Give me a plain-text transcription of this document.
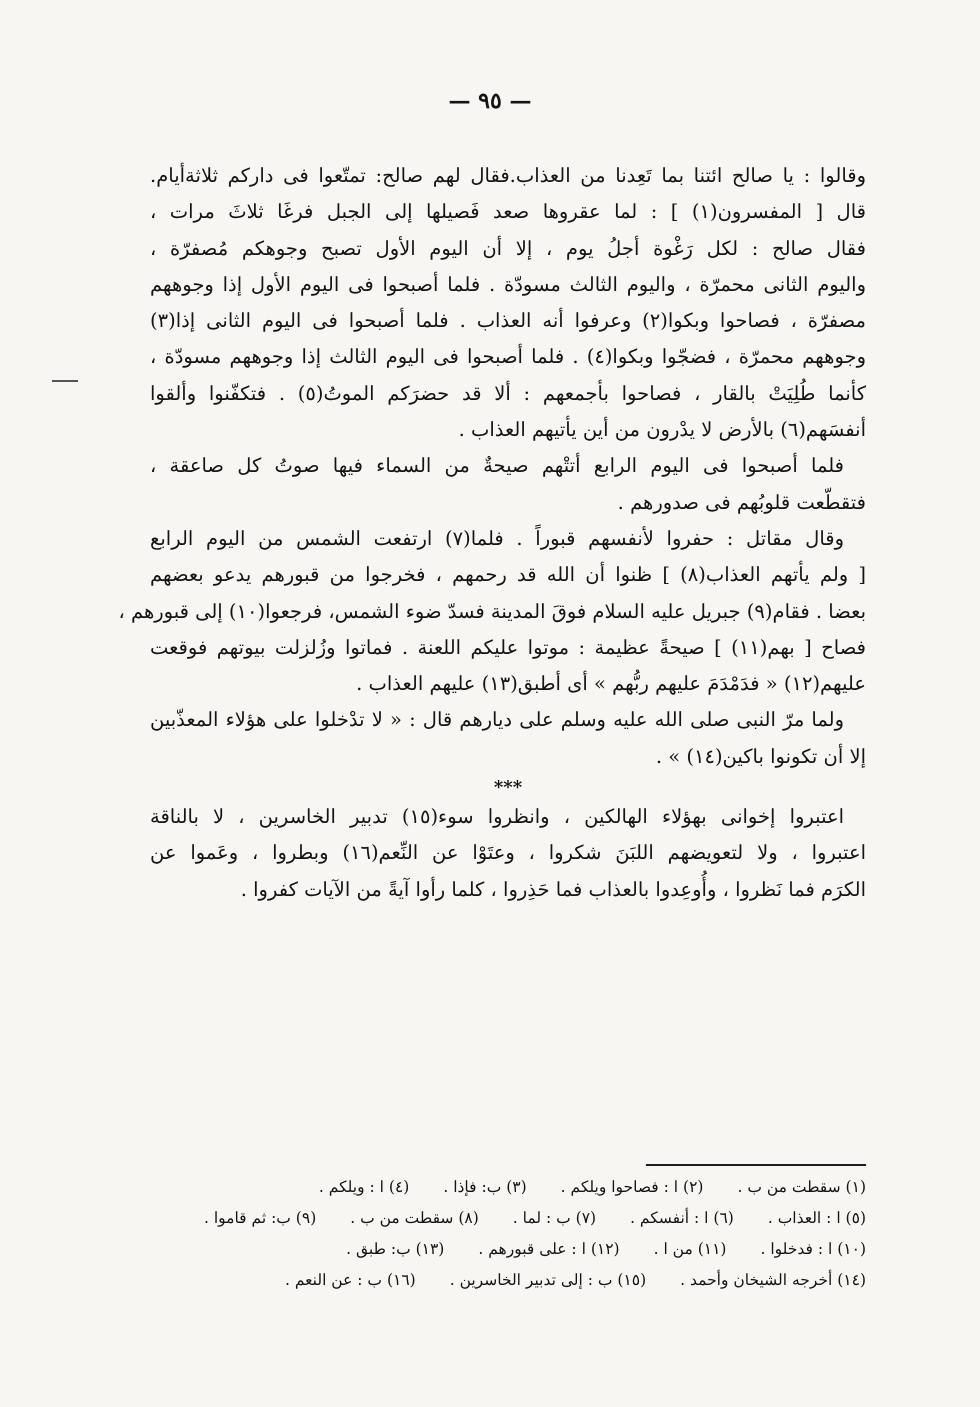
— ٩٥ —

وقالوا : يا صالح ائتنا بما تَعِدنا من العذاب.فقال لهم صالح: تمتّعوا فى داركم ثلاثةأيام.
قال [ المفسرون(١) ] : لما عقروها صعد فَصيلها إلى الجبل فرغَا ثلاثَ مرات ،
فقال صالح : لكل رَغْوة أجلُ يوم ، إلا أن اليوم الأول تصبح وجوهكم مُصفرّة ،
واليوم الثانى محمرّة ، واليوم الثالث مسودّة . فلما أصبحوا فى اليوم الأول إذا وجوههم
مصفرّة ، فصاحوا وبكوا(٢) وعرفوا أنه العذاب . فلما أصبحوا فى اليوم الثانى إذا(٣)
وجوههم محمرّة ، فضجّوا وبكوا(٤) . فلما أصبحوا فى اليوم الثالث إذا وجوههم مسودّة ،
كأنما طُلِيَتْ بالقار ، فصاحوا بأجمعهم : ألا قد حضرَكم الموتُ(٥) . فتكفّنوا وألقوا
أنفسَهم(٦) بالأرض لا يدْرون من أين يأتيهم العذاب .

فلما أصبحوا فى اليوم الرابع أتتْهم صيحةٌ من السماء فيها صوتُ كل صاعقة ،
فتقطّعت قلوبُهم فى صدورهم .

وقال مقاتل : حفروا لأنفسهم قبوراً . فلما(٧) ارتفعت الشمس من اليوم الرابع
[ ولم يأتهم العذاب(٨) ] ظنوا أن الله قد رحمهم ، فخرجوا من قبورهم يدعو بعضهم
بعضا . فقام(٩) جبريل عليه السلام فوقَ المدينة فسدّ ضوء الشمس، فرجعوا(١٠) إلى قبورهم ،
فصاح [ بهم(١١) ] صيحةً عظيمة : موتوا عليكم اللعنة . فماتوا وزُلزلت بيوتهم فوقعت
عليهم(١٢) « فدَمْدَمَ عليهم ربُّهم » أى أطبق(١٣) عليهم العذاب .

ولما مرّ النبى صلى الله عليه وسلم على ديارهم قال : « لا تدْخلوا على هؤلاء المعذّبين
إلا أن تكونوا باكين(١٤) » .

***

اعتبروا إخوانى بهؤلاء الهالكين ، وانظروا سوء(١٥) تدبير الخاسرين ، لا بالناقة
اعتبروا ، ولا لتعويضهم اللبَنَ شكروا ، وعتَوْا عن النِّعم(١٦) وبطروا ، وعَموا عن
الكرَم فما نَظروا ، وأُوعِدوا بالعذاب فما حَذِروا ، كلما رأوا آيةً من الآيات كفروا .

(١) سقطت من ب .
(٢) ا : فصاحوا ويلكم .
(٣) ب: فإذا .
(٤) ا : ويلكم .
(٥) ا : العذاب .
(٦) ا : أنفسكم .
(٧) ب : لما .
(٨) سقطت من ب .
(٩) ب: ثم قاموا .
(١٠) ا : فدخلوا .
(١١) من ا .
(١٢) ا : على قبورهم .
(١٣) ب: طبق .
(١٤) أخرجه الشيخان وأحمد .
(١٥) ب : إلى تدبير الخاسرين .
(١٦) ب : عن النعم .
